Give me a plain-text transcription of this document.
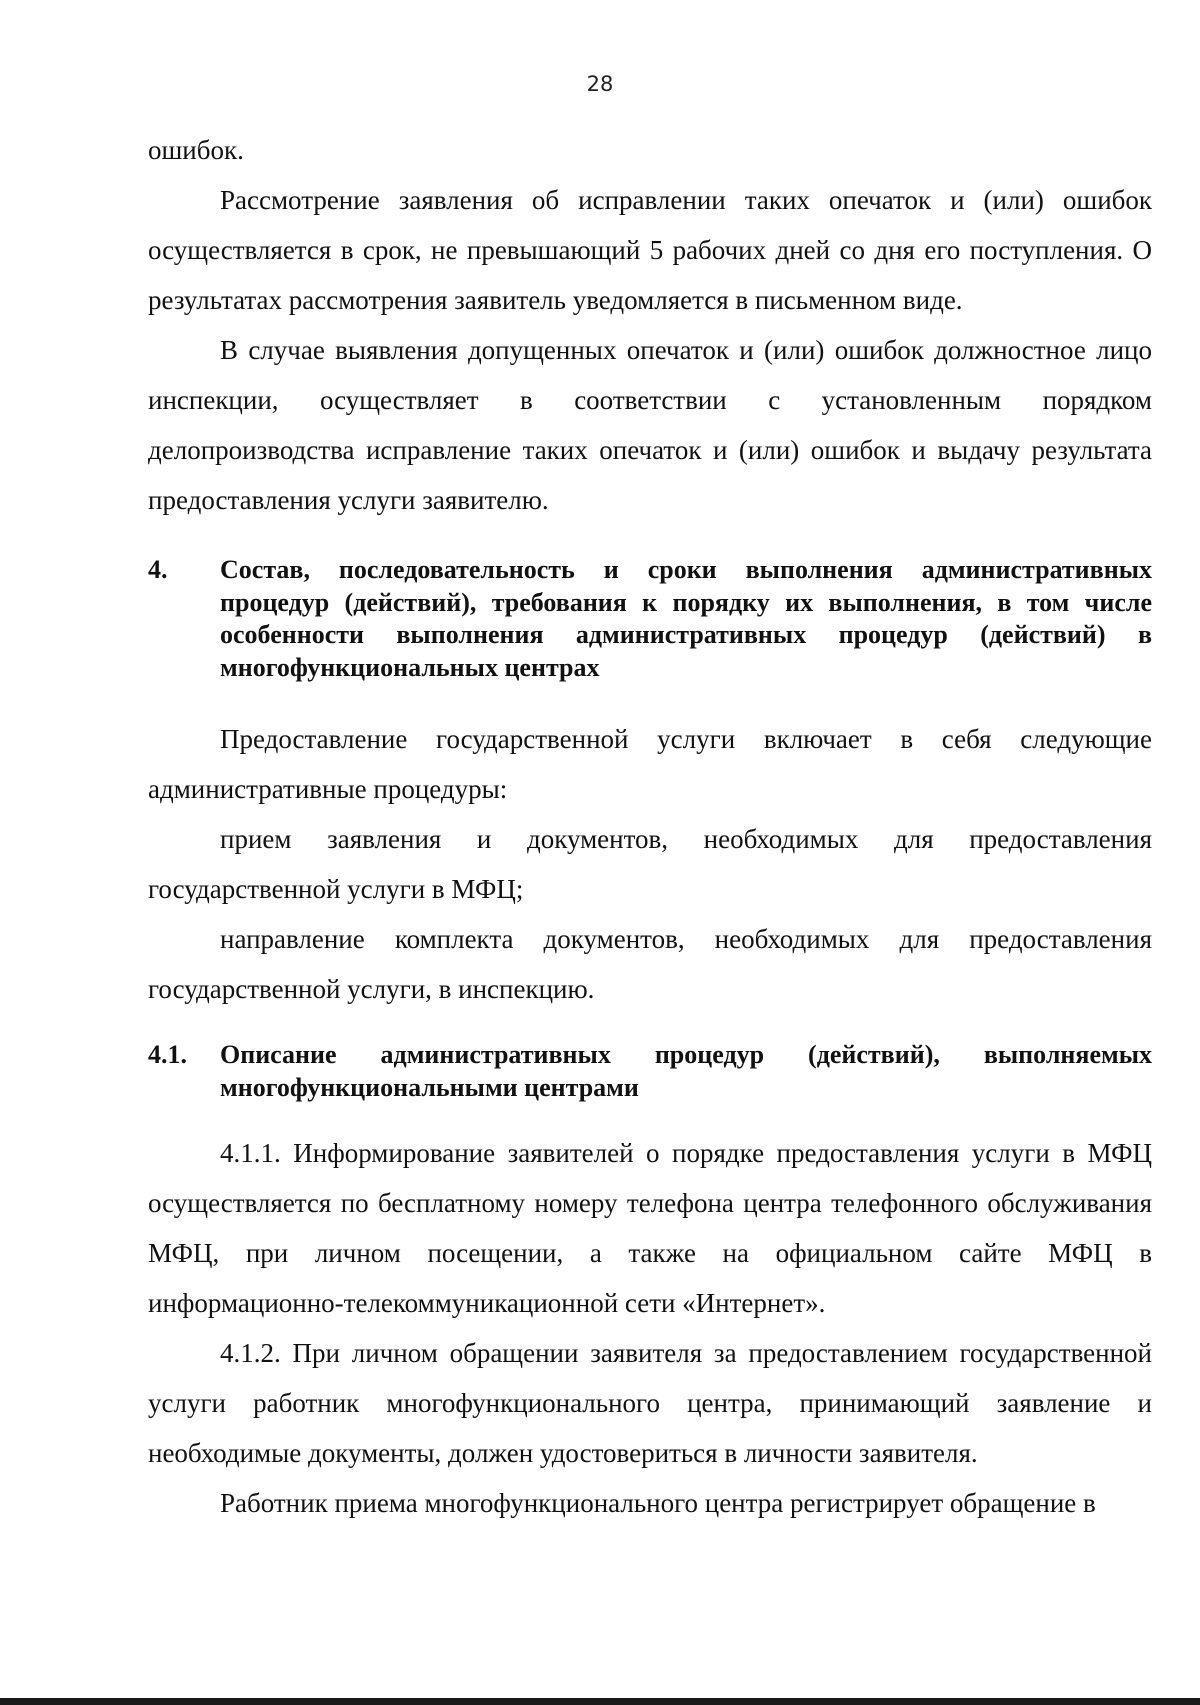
28

ошибок.

Рассмотрение заявления об исправлении таких опечаток и (или) ошибок осуществляется в срок, не превышающий 5 рабочих дней со дня его поступления. О результатах рассмотрения заявитель уведомляется в письменном виде.

В случае выявления допущенных опечаток и (или) ошибок должностное лицо инспекции, осуществляет в соответствии с установленным порядком делопроизводства исправление таких опечаток и (или) ошибок и выдачу результата предоставления услуги заявителю.

4.	Состав, последовательность и сроки выполнения административных процедур (действий), требования к порядку их выполнения, в том числе особенности выполнения административных процедур (действий) в многофункциональных центрах

Предоставление государственной услуги включает в себя следующие административные процедуры:

прием заявления и документов, необходимых для предоставления государственной услуги в МФЦ;

направление комплекта документов, необходимых для предоставления государственной услуги, в инспекцию.

4.1.	Описание административных процедур (действий), выполняемых многофункциональными центрами

4.1.1. Информирование заявителей о порядке предоставления услуги в МФЦ осуществляется по бесплатному номеру телефона центра телефонного обслуживания МФЦ, при личном посещении, а также на официальном сайте МФЦ в информационно-телекоммуникационной сети «Интернет».

4.1.2. При личном обращении заявителя за предоставлением государственной услуги работник многофункционального центра, принимающий заявление и необходимые документы, должен удостовериться в личности заявителя.

Работник приема многофункционального центра регистрирует обращение в
